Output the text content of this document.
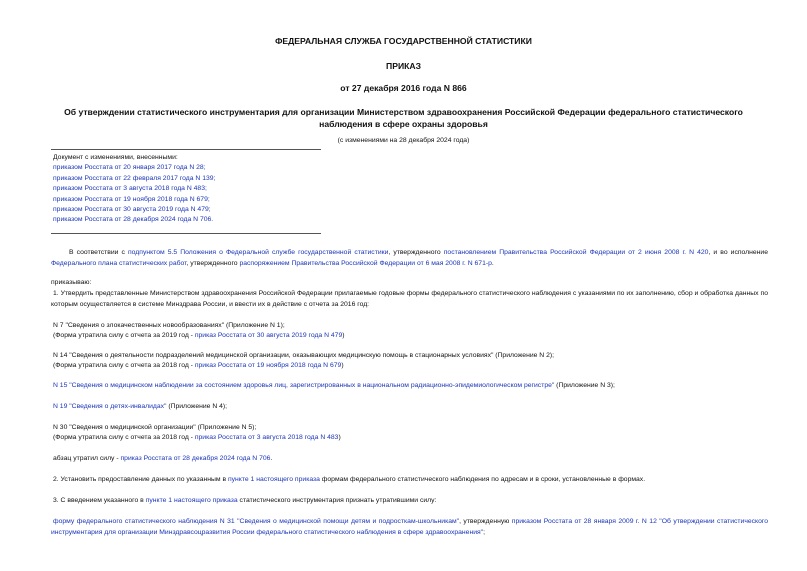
ФЕДЕРАЛЬНАЯ СЛУЖБА ГОСУДАРСТВЕННОЙ СТАТИСТИКИ
ПРИКАЗ
от 27 декабря 2016 года N 866
Об утверждении статистического инструментария для организации Министерством здравоохранения Российской Федерации федерального статистического наблюдения в сфере охраны здоровья
(с изменениями на 28 декабря 2024 года)
Документ с изменениями, внесенными:
приказом Росстата от 20 января 2017 года N 28;
приказом Росстата от 22 февраля 2017 года N 139;
приказом Росстата от 3 августа 2018 года N 483;
приказом Росстата от 19 ноября 2018 года N 679;
приказом Росстата от 30 августа 2019 года N 479;
приказом Росстата от 28 декабря 2024 года N 706.
В соответствии с подпунктом 5.5 Положения о Федеральной службе государственной статистики, утвержденного постановлением Правительства Российской Федерации от 2 июня 2008 г. N 420, и во исполнение Федерального плана статистических работ, утвержденного распоряжением Правительства Российской Федерации от 6 мая 2008 г. N 671-р.
приказываю:
1. Утвердить представленные Министерством здравоохранения Российской Федерации прилагаемые годовые формы федерального статистического наблюдения с указаниями по их заполнению, сбор и обработка данных по которым осуществляется в системе Минздрава России, и ввести их в действие с отчета за 2016 год:
N 7 "Сведения о злокачественных новообразованиях" (Приложение N 1);
(Форма утратила силу с отчета за 2019 год - приказ Росстата от 30 августа 2019 года N 479)
N 14 "Сведения о деятельности подразделений медицинской организации, оказывающих медицинскую помощь в стационарных условиях" (Приложение N 2);
(Форма утратила силу с отчета за 2018 год - приказ Росстата от 19 ноября 2018 года N 679)
N 15 "Сведения о медицинском наблюдении за состоянием здоровья лиц, зарегистрированных в национальном радиационно-эпидемиологическом регистре" (Приложение N 3);
N 19 "Сведения о детях-инвалидах" (Приложение N 4);
N 30 "Сведения о медицинской организации" (Приложение N 5);
(Форма утратила силу с отчета за 2018 год - приказ Росстата от 3 августа 2018 года N 483)
абзац утратил силу - приказ Росстата от 28 декабря 2024 года N 706.
2. Установить предоставление данных по указанным в пункте 1 настоящего приказа формам федерального статистического наблюдения по адресам и в сроки, установленные в формах.
3. С введением указанного в пункте 1 настоящего приказа статистического инструментария признать утратившими силу:
форму федерального статистического наблюдения N 31 "Сведения о медицинской помощи детям и подросткам-школьникам", утвержденную приказом Росстата от 28 января 2009 г. N 12 "Об утверждении статистического инструментария для организации Минздравсоцразвития России федерального статистического наблюдения в сфере здравоохранения";
